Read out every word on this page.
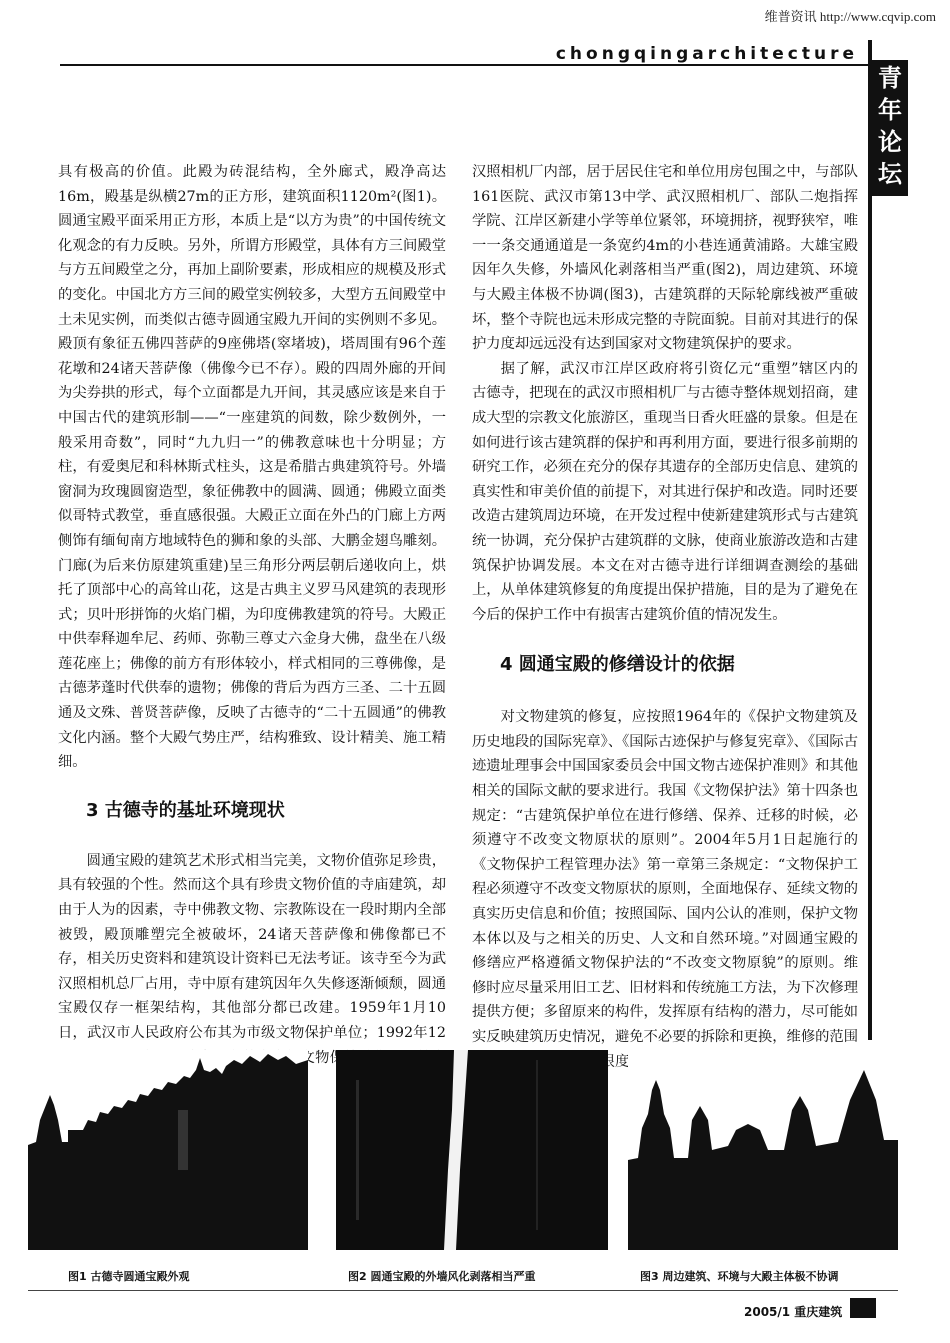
维普资讯 http://www.cqvip.com
chongqingarchitecture
青
年
论
坛

具有极高的价值。此殿为砖混结构，全外廊式，殿净高达16m，殿基是纵横27m的正方形，建筑面积1120m²(图1)。圆通宝殿平面采用正方形，本质上是“以方为贵”的中国传统文化观念的有力反映。另外，所谓方形殿堂，具体有方三间殿堂与方五间殿堂之分，再加上副阶要素，形成相应的规模及形式的变化。中国北方方三间的殿堂实例较多，大型方五间殿堂中土未见实例，而类似古德寺圆通宝殿九开间的实例则不多见。殿顶有象征五佛四菩萨的9座佛塔(窣堵坡)，塔周围有96个莲花墩和24诸天菩萨像（佛像今已不存）。殿的四周外廊的开间为尖券拱的形式，每个立面都是九开间，其灵感应该是来自于中国古代的建筑形制——“一座建筑的间数，除少数例外，一般采用奇数”，同时“九九归一”的佛教意味也十分明显；方柱，有爱奥尼和科林斯式柱头，这是希腊古典建筑符号。外墙窗洞为玫瑰圆窗造型，象征佛教中的圆满、圆通；佛殿立面类似哥特式教堂，垂直感很强。大殿正立面在外凸的门廊上方两侧饰有缅甸南方地域特色的狮和象的头部、大鹏金翅鸟雕刻。门廊(为后来仿原建筑重建)呈三角形分两层朝后递收向上，烘托了顶部中心的高耸山花，这是古典主义罗马风建筑的表现形式；贝叶形拼饰的火焰门楣，为印度佛教建筑的符号。大殿正中供奉释迦牟尼、药师、弥勒三尊丈六金身大佛，盘坐在八级莲花座上；佛像的前方有形体较小，样式相同的三尊佛像，是古德茅蓬时代供奉的遗物；佛像的背后为西方三圣、二十五圆通及文殊、普贤菩萨像，反映了古德寺的“二十五圆通”的佛教文化内涵。整个大殿气势庄严，结构雅致、设计精美、施工精细。

3 古德寺的基址环境现状

圆通宝殿的建筑艺术形式相当完美，文物价值弥足珍贵，具有较强的个性。然而这个具有珍贵文物价值的寺庙建筑，却由于人为的因素，寺中佛教文物、宗教陈设在一段时期内全部被毁，殿顶雕塑完全被破坏，24诸天菩萨像和佛像都已不存，相关历史资料和建筑设计资料已无法考证。该寺至今为武汉照相机总厂占用，寺中原有建筑因年久失修逐渐倾颓，圆通宝殿仅存一框架结构，其他部分都已改建。1959年1月10日，武汉市人民政府公布其为市级文物保护单位；1992年12 级文物保

汉照相机厂内部，居于居民住宅和单位用房包围之中，与部队161医院、武汉市第13中学、武汉照相机厂、部队二炮指挥学院、江岸区新建小学等单位紧邻，环境拥挤，视野狭窄，唯一一条交通通道是一条宽约4m的小巷连通黄浦路。大雄宝殿因年久失修，外墙风化剥落相当严重(图2)，周边建筑、环境与大殿主体极不协调(图3)，古建筑群的天际轮廓线被严重破坏，整个寺院也远未形成完整的寺院面貌。目前对其进行的保护力度却远远没有达到国家对文物建筑保护的要求。

据了解，武汉市江岸区政府将引资亿元“重塑”辖区内的古德寺，把现在的武汉市照相机厂与古德寺整体规划招商，建成大型的宗教文化旅游区，重现当日香火旺盛的景象。但是在如何进行该古建筑群的保护和再利用方面，要进行很多前期的研究工作，必须在充分的保存其遗存的全部历史信息、建筑的真实性和审美价值的前提下，对其进行保护和改造。同时还要改造古建筑周边环境，在开发过程中使新建建筑形式与古建筑统一协调，充分保护古建筑群的文脉，使商业旅游改造和古建筑保护协调发展。本文在对古德寺进行详细调查测绘的基础上，从单体建筑修复的角度提出保护措施，目的是为了避免在今后的保护工作中有损害古建筑价值的情况发生。

4 圆通宝殿的修缮设计的依据

对文物建筑的修复，应按照1964年的《保护文物建筑及历史地段的国际宪章》、《国际古迹保护与修复宪章》、《国际古迹遗址理事会中国国家委员会中国文物古迹保护准则》和其他相关的国际文献的要求进行。我国《文物保护法》第十四条也规定：“古建筑保护单位在进行修缮、保养、迁移的时候，必须遵守不改变文物原状的原则”。2004年5月1日起施行的《文物保护工程管理办法》第一章第三条规定：“文物保护工程必须遵守不改变文物原状的原则，全面地保存、延续文物的真实历史信息和价值；按照国际、国内公认的准则，保护文物本体以及与之相关的历史、人文和自然环境。”对圆通宝殿的修缮应严格遵循文物保护法的“不改变文物原貌”的原则。维修时应尽量采用旧工艺、旧材料和传统施工方法，为下次修理提供方便；多留原来的构件，发挥原有结构的潜力，尽可能如实反映建筑历史情况，避免不必要的拆除和更换，维修的范围 限度

图1 古德寺圆通宝殿外观	图2 圆通宝殿的外墙风化剥落相当严重	图3 周边建筑、环境与大殿主体极不协调
2005/1 重庆建筑
